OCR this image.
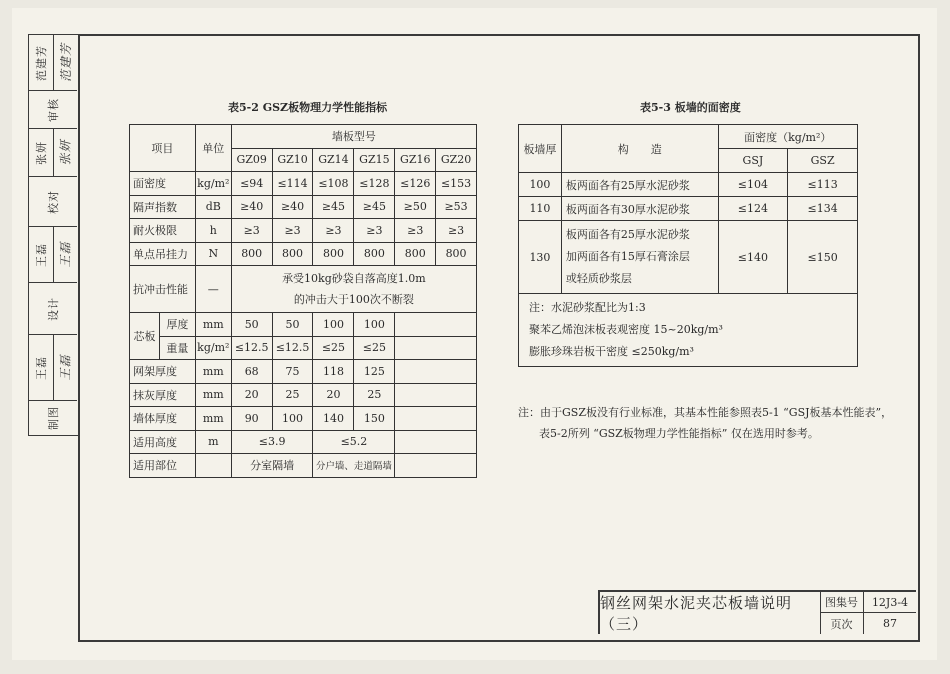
范建芳 范建芳
审核
张妍 张妍
校对
王磊 王磊
设计
王磊 王磊
制图
表5-2 GSZ板物理力学性能指标
项目		单位	墙板型号					
			GZ09	GZ10	GZ14	GZ15	GZ16	GZ20
面密度		kg/m²	≤94	≤114	≤108	≤128	≤126	≤153
隔声指数		dB	≥40	≥40	≥45	≥45	≥50	≥53
耐火极限		h	≥3	≥3	≥3	≥3	≥3	≥3
单点吊挂力		N	800	800	800	800	800	800
抗冲击性能		—	承受10kg砂袋自落高度1.0m
的冲击大于100次不断裂					

芯板	厚度	mm	50	50	100	100		
	重量	kg/m²	≤12.5	≤12.5	≤25	≤25		
网架厚度		mm	68	75	118	125		
抹灰厚度		mm	20	25	20	25		
墙体厚度		mm	90	100	140	150		
适用高度		m	≤3.9		≤5.2			
适用部位			分室隔墙		分户墙、走道隔墙			
表5-3 板墙的面密度
板墙厚	构　　造	面密度（kg/m²）	
		GSJ	GSZ
100	板两面各有25厚水泥砂浆	≤104	≤113
110	板两面各有30厚水泥砂浆	≤124	≤134
130	板两面各有25厚水泥砂浆
加两面各有15厚石膏涂层
或轻质砂浆层	≤140	≤150

注：水泥砂浆配比为1:3
聚苯乙烯泡沫板表观密度 15~20kg/m³
膨胀珍珠岩板干密度 ≤250kg/m³			
注：由于GSZ板没有行业标准，其基本性能参照表5-1 “GSJ板基本性能表”，
表5-2所列 “GSZ板物理力学性能指标” 仅在选用时参考。
钢丝网架水泥夹芯板墙说明（三）
图集号	12J3-4
页次	87
